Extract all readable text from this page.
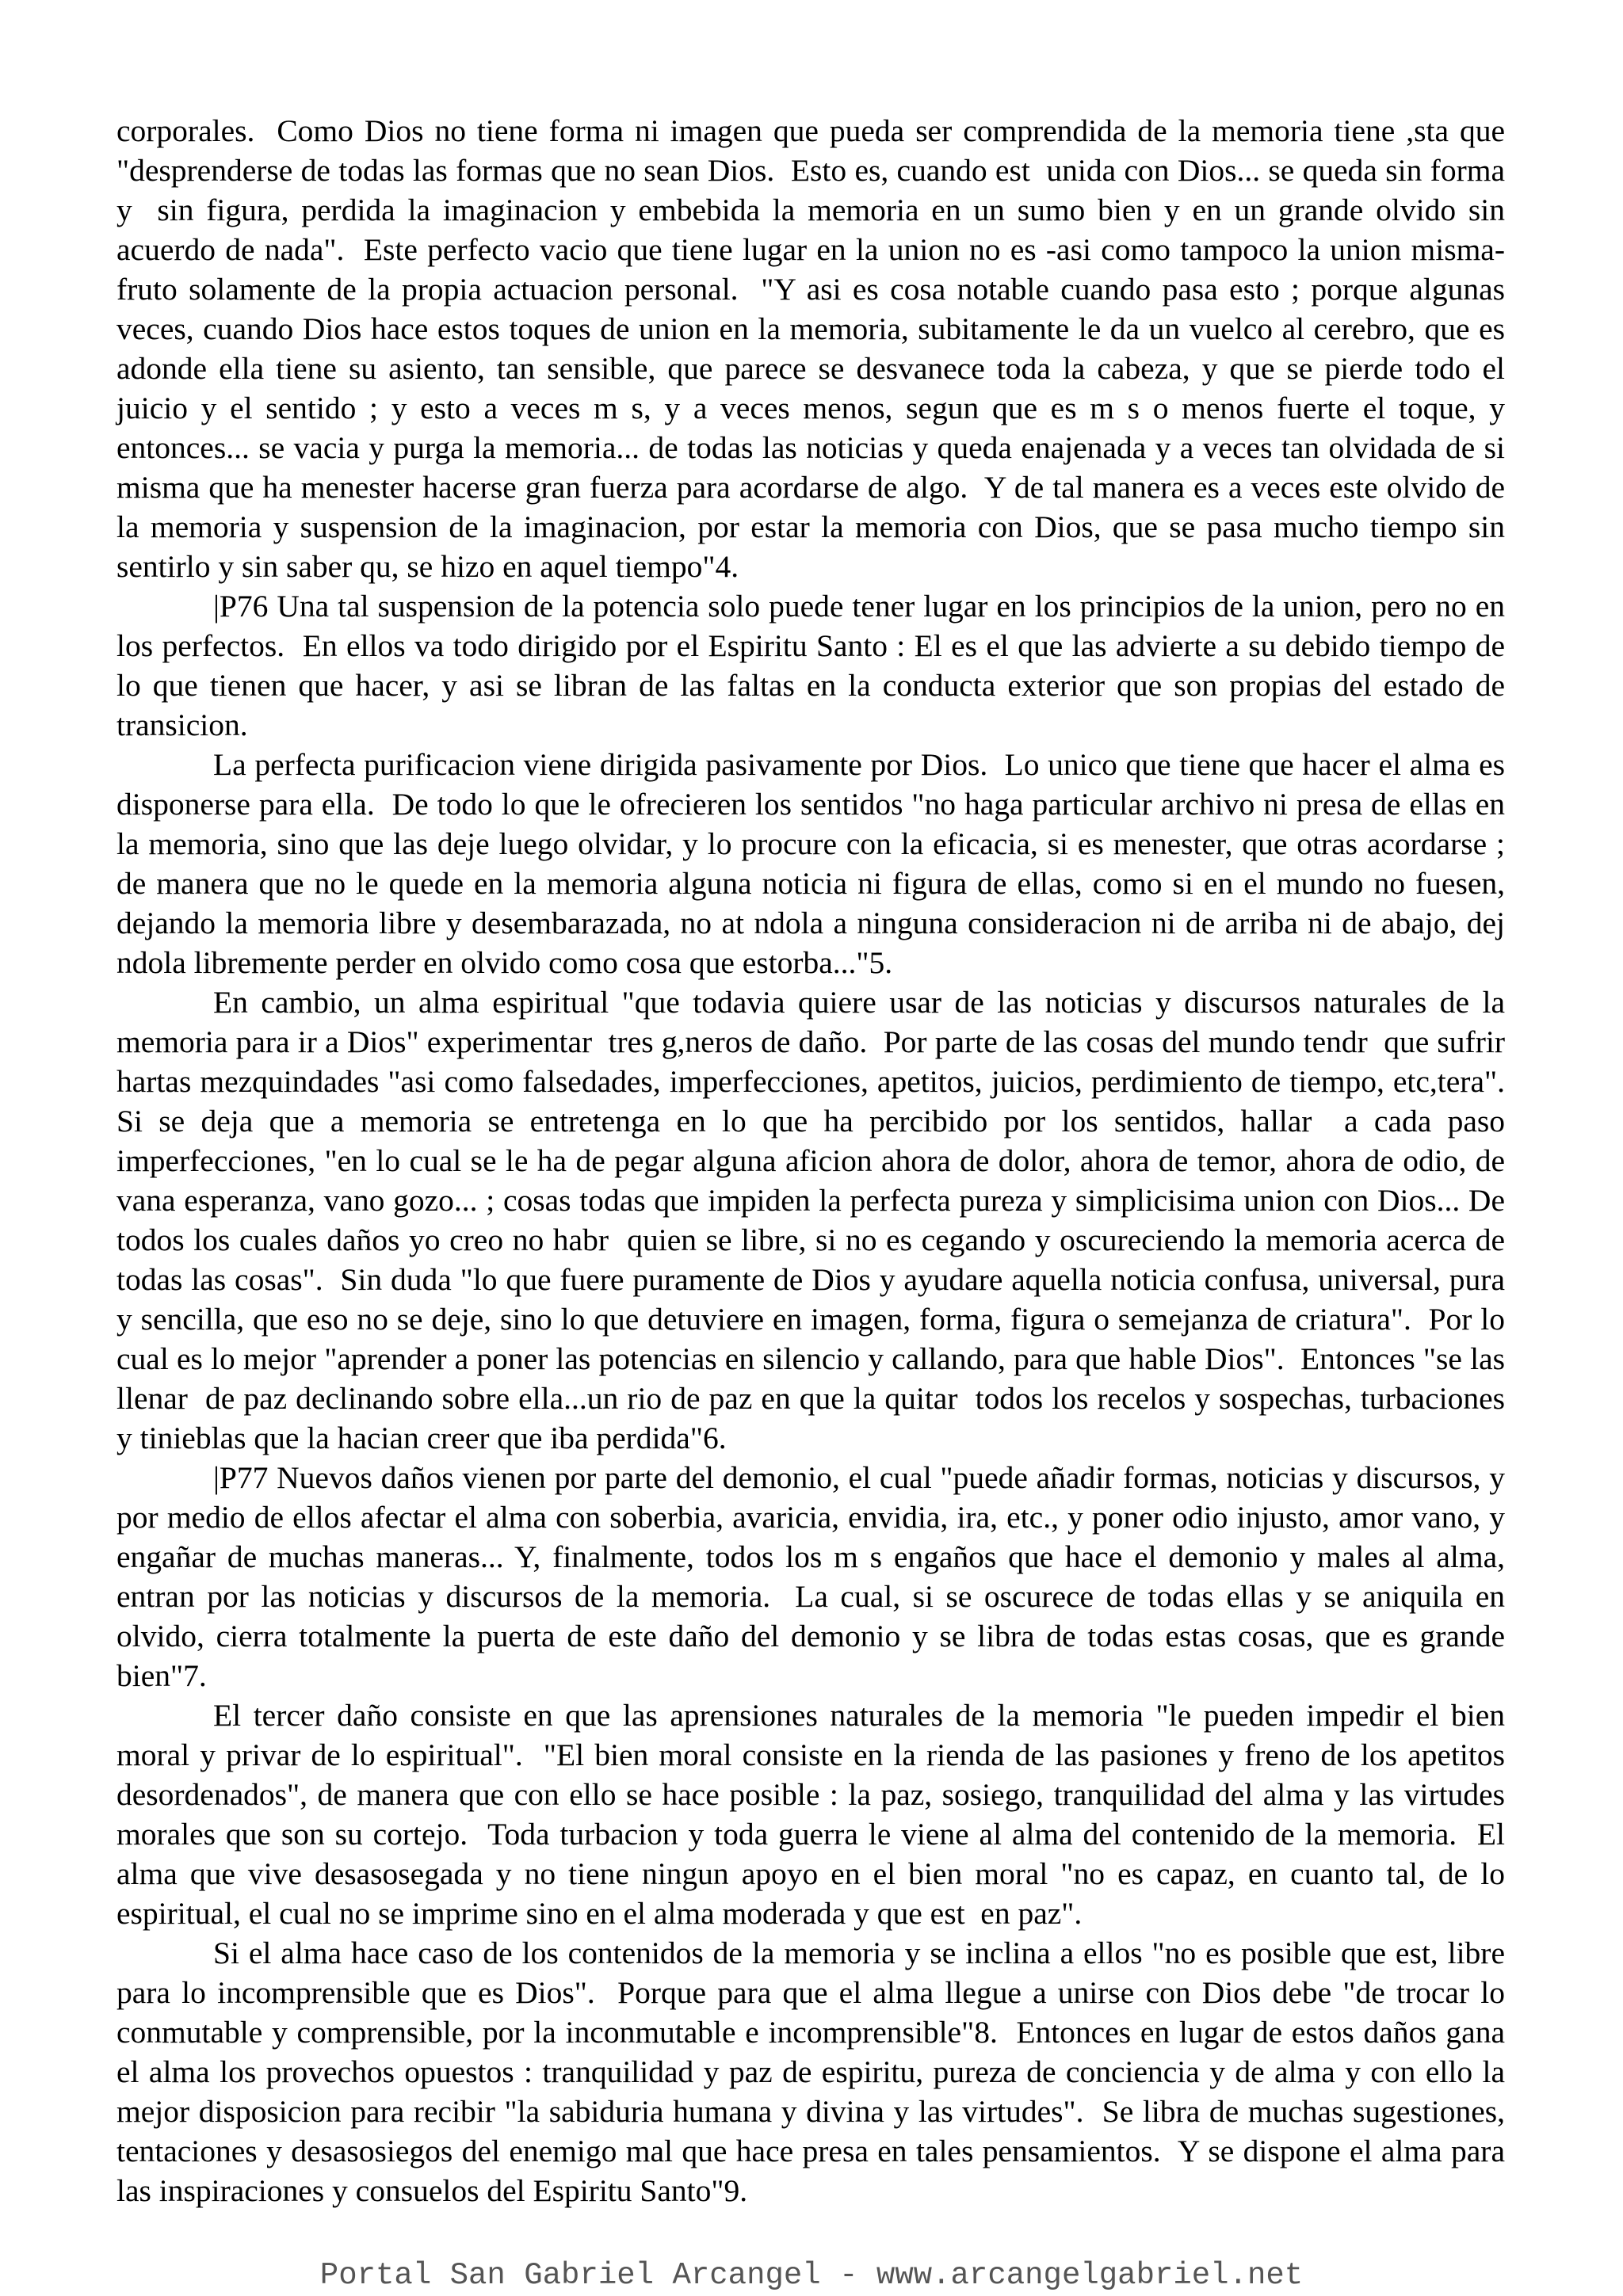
corporales.  Como Dios no tiene forma ni imagen que pueda ser comprendida de la memoria tiene ,sta que "desprenderse de todas las formas que no sean Dios.  Esto es, cuando est  unida con Dios... se queda sin forma y  sin figura, perdida la imaginacion y embebida la memoria en un sumo bien y en un grande olvido sin acuerdo de nada".  Este perfecto vacio que tiene lugar en la union no es -asi como tampoco la union misma- fruto solamente de la propia actuacion personal.  "Y asi es cosa notable cuando pasa esto ; porque algunas veces, cuando Dios hace estos toques de union en la memoria, subitamente le da un vuelco al cerebro, que es adonde ella tiene su asiento, tan sensible, que parece se desvanece toda la cabeza, y que se pierde todo el juicio y el sentido ; y esto a veces m s, y a veces menos, segun que es m s o menos fuerte el toque, y entonces... se vacia y purga la memoria... de todas las noticias y queda enajenada y a veces tan olvidada de si misma que ha menester hacerse gran fuerza para acordarse de algo.  Y de tal manera es a veces este olvido de la memoria y suspension de la imaginacion, por estar la memoria con Dios, que se pasa mucho tiempo sin sentirlo y sin saber qu, se hizo en aquel tiempo"4.

|P76 Una tal suspension de la potencia solo puede tener lugar en los principios de la union, pero no en los perfectos.  En ellos va todo dirigido por el Espiritu Santo : El es el que las advierte a su debido tiempo de lo que tienen que hacer, y asi se libran de las faltas en la conducta exterior que son propias del estado de transicion.

La perfecta purificacion viene dirigida pasivamente por Dios.  Lo unico que tiene que hacer el alma es disponerse para ella.  De todo lo que le ofrecieren los sentidos "no haga particular archivo ni presa de ellas en la memoria, sino que las deje luego olvidar, y lo procure con la eficacia, si es menester, que otras acordarse ; de manera que no le quede en la memoria alguna noticia ni figura de ellas, como si en el mundo no fuesen, dejando la memoria libre y desembarazada, no at ndola a ninguna consideracion ni de arriba ni de abajo, dej ndola libremente perder en olvido como cosa que estorba..."5.

En cambio, un alma espiritual "que todavia quiere usar de las noticias y discursos naturales de la memoria para ir a Dios" experimentar  tres g,neros de daño.  Por parte de las cosas del mundo tendr  que sufrir hartas mezquindades "asi como falsedades, imperfecciones, apetitos, juicios, perdimiento de tiempo, etc,tera".  Si se deja que a memoria se entretenga en lo que ha percibido por los sentidos, hallar  a cada paso imperfecciones, "en lo cual se le ha de pegar alguna aficion ahora de dolor, ahora de temor, ahora de odio, de vana esperanza, vano gozo... ; cosas todas que impiden la perfecta pureza y simplicisima union con Dios... De todos los cuales daños yo creo no habr  quien se libre, si no es cegando y oscureciendo la memoria acerca de todas las cosas".  Sin duda "lo que fuere puramente de Dios y ayudare aquella noticia confusa, universal, pura y sencilla, que eso no se deje, sino lo que detuviere en imagen, forma, figura o semejanza de criatura".  Por lo cual es lo mejor "aprender a poner las potencias en silencio y callando, para que hable Dios".  Entonces "se las llenar  de paz declinando sobre ella...un rio de paz en que la quitar  todos los recelos y sospechas, turbaciones y tinieblas que la hacian creer que iba perdida"6.

|P77 Nuevos daños vienen por parte del demonio, el cual "puede añadir formas, noticias y discursos, y por medio de ellos afectar el alma con soberbia, avaricia, envidia, ira, etc., y poner odio injusto, amor vano, y engañar de muchas maneras... Y, finalmente, todos los m s engaños que hace el demonio y males al alma, entran por las noticias y discursos de la memoria.  La cual, si se oscurece de todas ellas y se aniquila en olvido, cierra totalmente la puerta de este daño del demonio y se libra de todas estas cosas, que es grande bien"7.

El tercer daño consiste en que las aprensiones naturales de la memoria "le pueden impedir el bien moral y privar de lo espiritual".  "El bien moral consiste en la rienda de las pasiones y freno de los apetitos desordenados", de manera que con ello se hace posible : la paz, sosiego, tranquilidad del alma y las virtudes morales que son su cortejo.  Toda turbacion y toda guerra le viene al alma del contenido de la memoria.  El alma que vive desasosegada y no tiene ningun apoyo en el bien moral "no es capaz, en cuanto tal, de lo espiritual, el cual no se imprime sino en el alma moderada y que est  en paz".

Si el alma hace caso de los contenidos de la memoria y se inclina a ellos "no es posible que est, libre para lo incomprensible que es Dios".  Porque para que el alma llegue a unirse con Dios debe "de trocar lo conmutable y comprensible, por la inconmutable e incomprensible"8.  Entonces en lugar de estos daños gana el alma los provechos opuestos : tranquilidad y paz de espiritu, pureza de conciencia y de alma y con ello la mejor disposicion para recibir "la sabiduria humana y divina y las virtudes".  Se libra de muchas sugestiones, tentaciones y desasosiegos del enemigo mal que hace presa en tales pensamientos.  Y se dispone el alma para las inspiraciones y consuelos del Espiritu Santo"9.

Portal San Gabriel Arcangel - www.arcangelgabriel.net
